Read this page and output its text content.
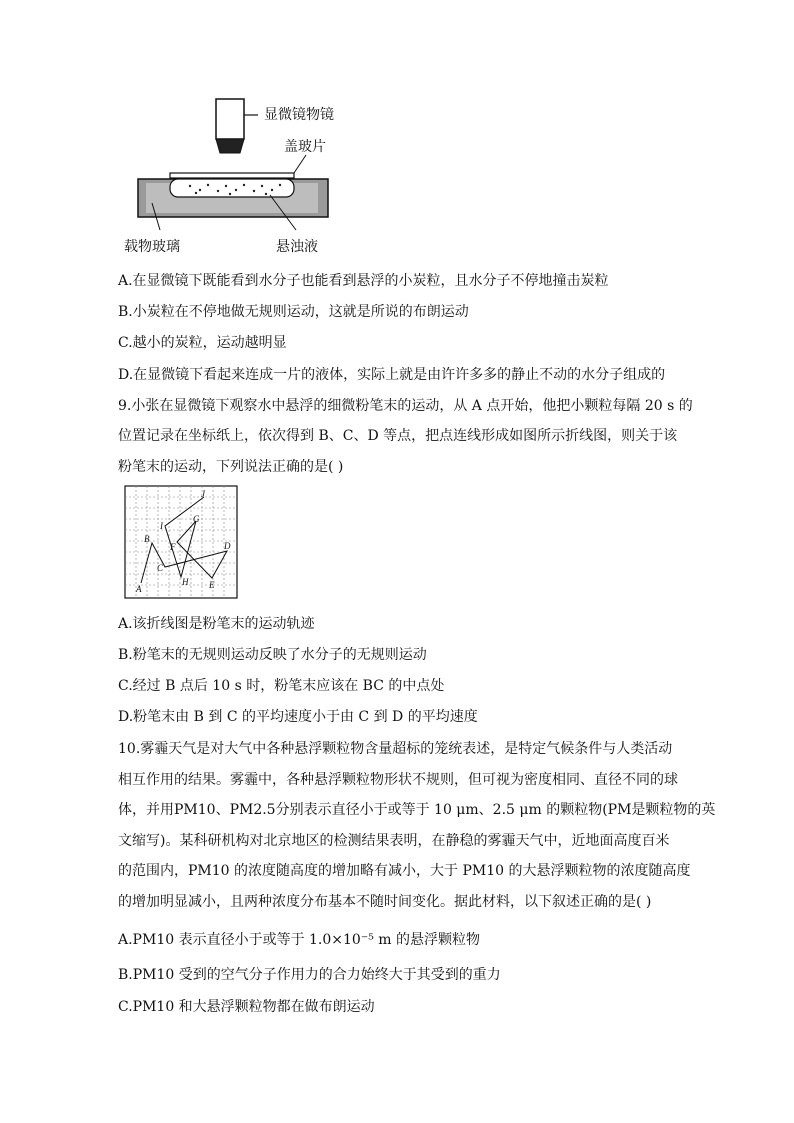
显微镜物镜
盖玻片
载物玻璃	悬浊液
A.在显微镜下既能看到水分子也能看到悬浮的小炭粒，且水分子不停地撞击炭粒
B.小炭粒在不停地做无规则运动，这就是所说的布朗运动
C.越小的炭粒，运动越明显
D.在显微镜下看起来连成一片的液体，实际上就是由许许多多的静止不动的水分子组成的
9.小张在显微镜下观察水中悬浮的细微粉笔末的运动，从 A 点开始，他把小颗粒每隔 20 s 的
位置记录在坐标纸上，依次得到 B、C、D 等点，把点连线形成如图所示折线图，则关于该
粉笔末的运动，下列说法正确的是( )
A
B
C
D
E
F
G
H
I
J
A.该折线图是粉笔末的运动轨迹
B.粉笔末的无规则运动反映了水分子的无规则运动
C.经过 B 点后 10 s 时，粉笔末应该在 BC 的中点处
D.粉笔末由 B 到 C 的平均速度小于由 C 到 D 的平均速度
10.雾霾天气是对大气中各种悬浮颗粒物含量超标的笼统表述，是特定气候条件与人类活动
相互作用的结果。雾霾中，各种悬浮颗粒物形状不规则，但可视为密度相同、直径不同的球
体，并用PM10、PM2.5分别表示直径小于或等于 10 μm、2.5 μm 的颗粒物(PM是颗粒物的英
文缩写)。某科研机构对北京地区的检测结果表明，在静稳的雾霾天气中，近地面高度百米
的范围内，PM10 的浓度随高度的增加略有减小，大于 PM10 的大悬浮颗粒物的浓度随高度
的增加明显减小，且两种浓度分布基本不随时间变化。据此材料，以下叙述正确的是( )
A.PM10 表示直径小于或等于 1.0×10⁻⁵ m 的悬浮颗粒物
B.PM10 受到的空气分子作用力的合力始终大于其受到的重力
C.PM10 和大悬浮颗粒物都在做布朗运动
